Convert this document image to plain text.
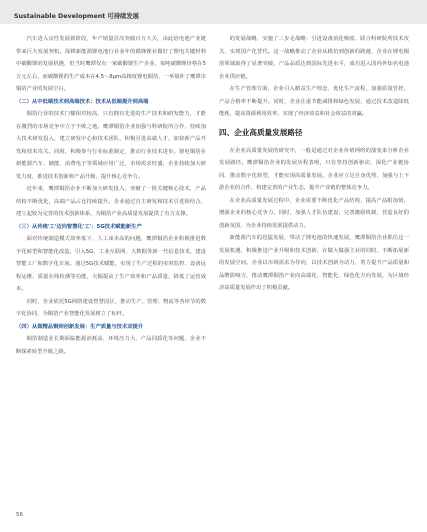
Sustainable Development 可持续发展

汽车进入良性发展新阶段，年产销量首次突破百万大关，由此给电池产业链带来巨大发展契机。深耕新能源锂电池行业多年的赣锋锂业做好了锂电关键材料中碳酸锂的发展机遇，但当时鹰潭仅有一家碳酸锂生产企业，每吨碳酸锂价格在5万元左右，而碳酸锂的生产成本在4.5～8μm高精度锂电铜箔，一举填补了鹰潭市铜箔产业的发展空白。

（二）从中低端技术到高端技术：技术从低端提升到高端

铜箔行业的技术门槛相对较高，只有拥有先进的生产技术和研发能力，才能在激烈的市场竞争中立于不败之地。鹰潭铜箔企业加强与科研院所合作，持续加大技术研发投入，建立研发中心和技术团队，积极引进高端人才，加快新产品开发和技术攻关。同时，积极参与行业标准制定，推动行业技术进步。锂电铜箔在新能源汽车、储能、消费电子等领域应用广泛，市场需求旺盛，企业持续加大研发力度，推进技术创新和产品升级，提升核心竞争力。

近年来，鹰潭铜箔企业不断加大研发投入，突破了一批关键核心技术，产品结构不断优化，高端产品占比持续提升。企业通过自主研发和技术引进相结合，建立起较为完善的技术创新体系，为铜箔产业高质量发展提供了有力支撑。

（三）从传统'工'迈向智慧化'工'：5G技术赋能新生产

面对传统制造模式效率低下、人工成本高的问题，鹰潭铜箔企业积极推进数字化转型和智能化改造，引入5G、工业互联网、大数据等新一代信息技术，建设智能工厂和数字化车间。通过5G技术赋能，实现了生产过程的实时监控、设备远程运维、质量在线检测等功能，大幅提高了生产效率和产品质量，降低了运营成本。

同时，企业依托5G网络建设智慧园区，推动生产、管理、物流等各环节的数字化协同，为铜箔产业智能化发展树立了标杆。

（四）从做精品铜到创新发展：生产质量与技术双提升

铜箔制造业长期面临能源消耗高、环境压力大、产品同质化等问题，企业不断探索转型升级之路。

的发展战略，实施了三步走战略：引进设备消化吸收、联合科研院所技术攻关、实现国产化替代。这一战略推动了企业从模仿到创新的跨越，企业在锂电铜箔领域取得了显著突破，产品品质达到国际先进水平，成功进入国内外知名电池企业供应链。

在生产管理方面，企业引入精益生产理念，优化生产流程，加强质量管控，产品合格率不断提升。同时，企业注重节能减排和绿色发展，通过技术改造降低能耗，提高资源利用效率，实现了经济效益和社会效益的双赢。

四、企业高质量发展路径

在企业高质量发展的研究中，一般是通过对企业价值网络的演变来分析企业发展路径。鹰潭铜箔企业的发展历程表明，只有坚持创新驱动、深化产业链协同、推动数字化转型，才能实现高质量发展。企业应立足自身优势，加强与上下游企业的合作，构建完善的产业生态，提升产业链的整体竞争力。

在企业高质量发展过程中，企业需要不断优化产品结构，提高产品附加值，增强企业的核心竞争力。同时，加强人才队伍建设，完善激励机制，营造良好的创新氛围，为企业持续发展提供动力。

新能源汽车的迅猛发展，带动了锂电池的快速发展，鹰潭铜箔企业抓住这一发展机遇，积极推进产业升级和技术创新，在做大做强主业的同时，不断拓展新的发展空间。企业以市场需求为导向，以技术创新为动力，着力提升产品质量和品牌影响力，推动鹰潭铜箔产业向高端化、智能化、绿色化方向发展，为区域经济高质量发展作出了积极贡献。

56
